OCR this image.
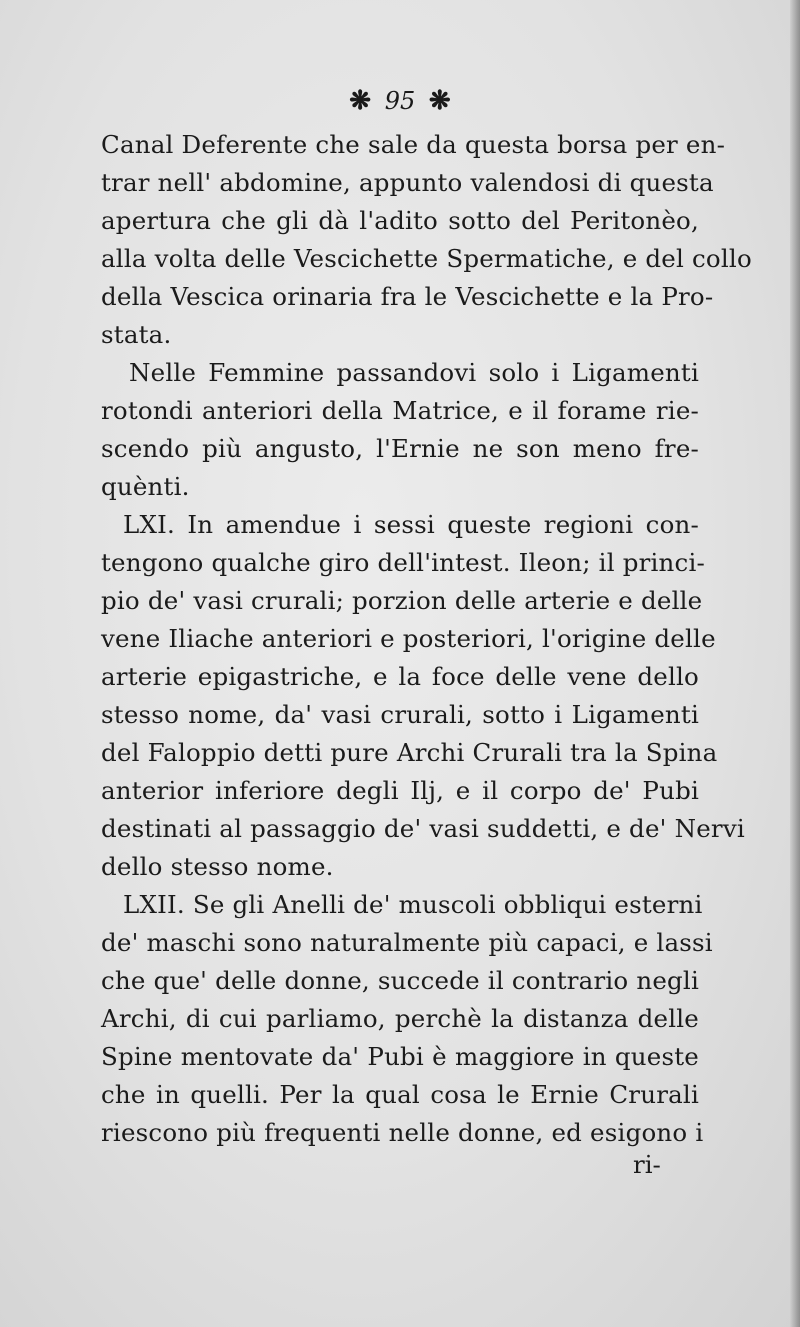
❋ 95 ❋
Canal Deferente che sale da questa borsa per en-
trar nell' abdomine, appunto valendosi di questa
apertura che gli dà l'adito sotto del Peritonèo,
alla volta delle Vescichette Spermatiche, e del collo
della Vescica orinaria fra le Vescichette e la Pro-
stata.
Nelle Femmine passandovi solo i Ligamenti
rotondi anteriori della Matrice, e il forame rie-
scendo più angusto, l'Ernie ne son meno fre-
quènti.
LXI. In amendue i sessi queste regioni con-
tengono qualche giro dell'intest. Ileon; il princi-
pio de' vasi crurali; porzion delle arterie e delle
vene Iliache anteriori e posteriori, l'origine delle
arterie epigastriche, e la foce delle vene dello
stesso nome, da' vasi crurali, sotto i Ligamenti
del Faloppio detti pure Archi Crurali tra la Spina
anterior inferiore degli Ilj, e il corpo de' Pubi
destinati al passaggio de' vasi suddetti, e de' Nervi
dello stesso nome.
LXII. Se gli Anelli de' muscoli obbliqui esterni
de' maschi sono naturalmente più capaci, e lassi
che que' delle donne, succede il contrario negli
Archi, di cui parliamo, perchè la distanza delle
Spine mentovate da' Pubi è maggiore in queste
che in quelli. Per la qual cosa le Ernie Crurali
riescono più frequenti nelle donne, ed esigono i
ri-
